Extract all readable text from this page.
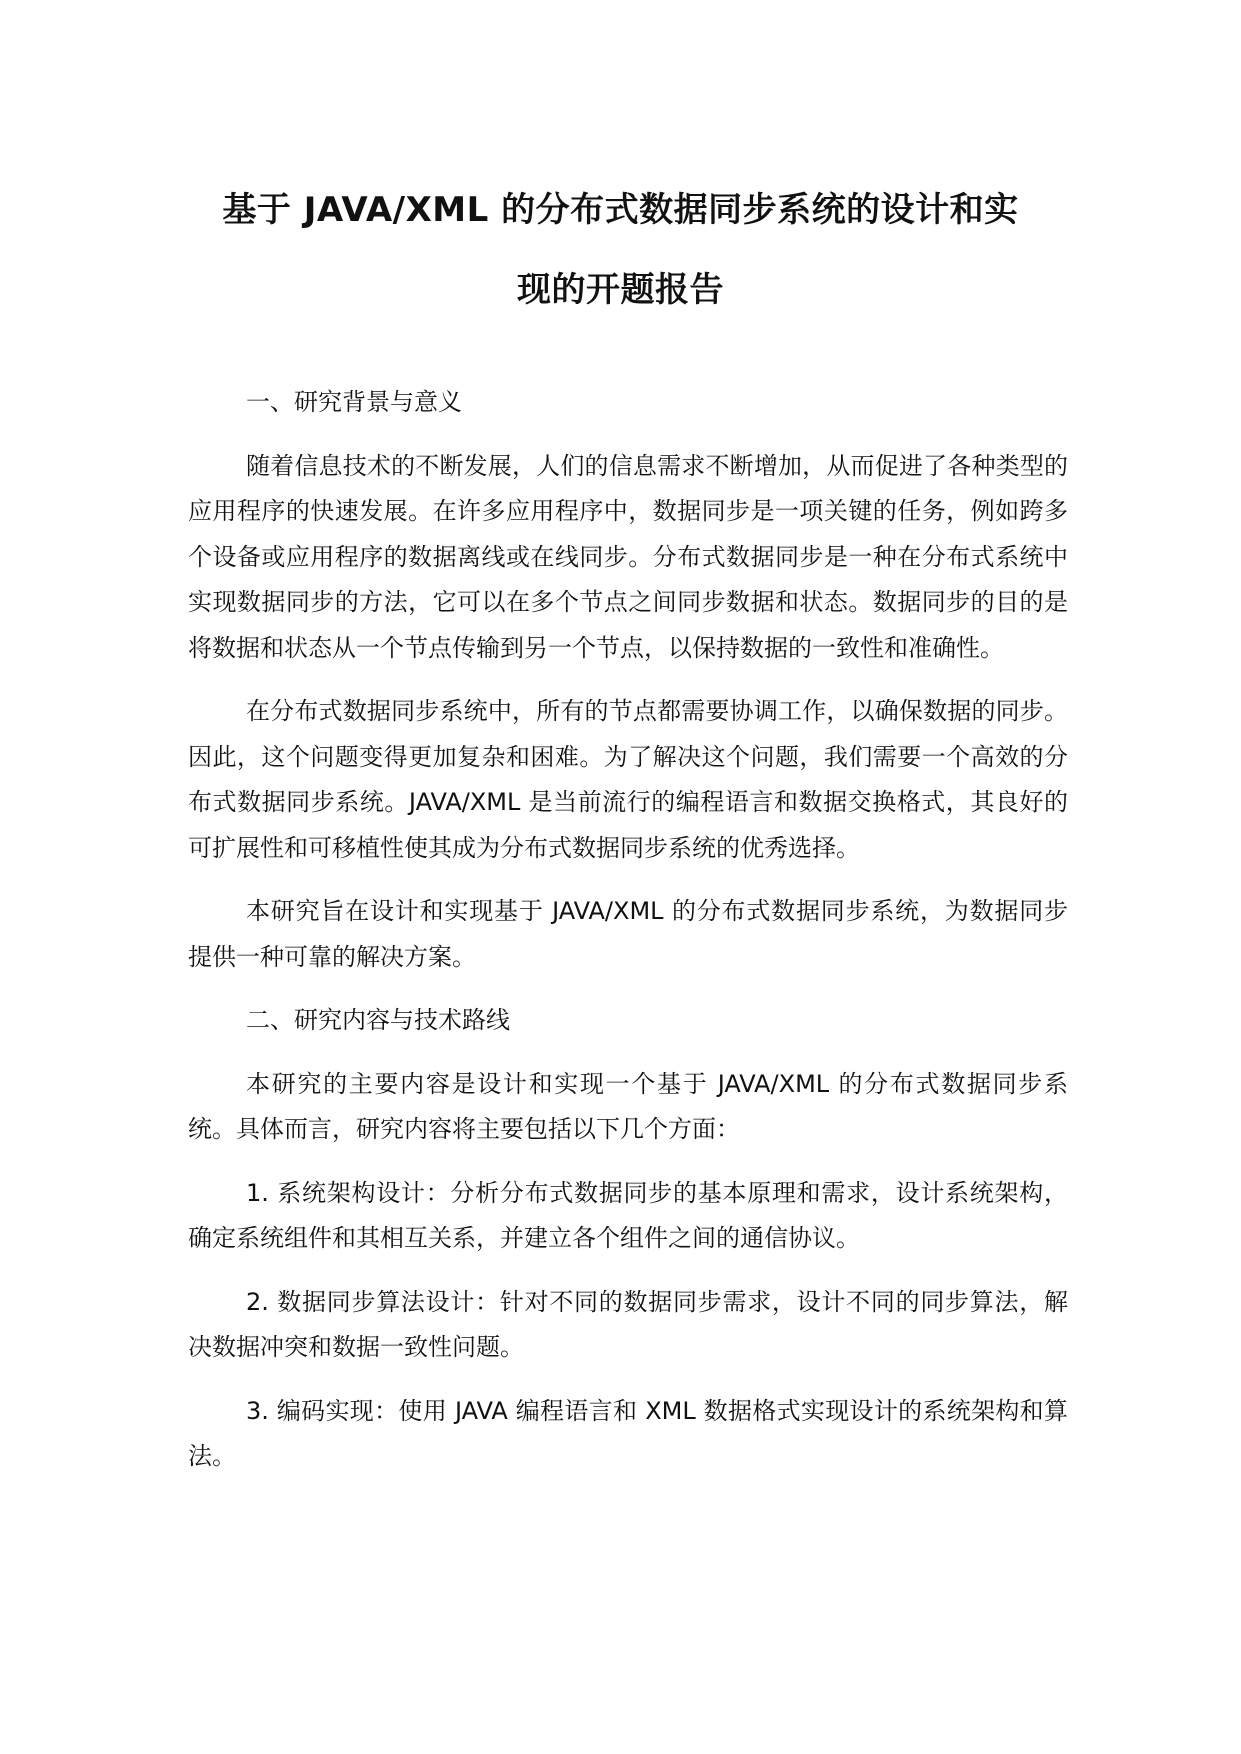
基于 JAVA/XML 的分布式数据同步系统的设计和实
现的开题报告

一、研究背景与意义

随着信息技术的不断发展，人们的信息需求不断增加，从而促进了各种类型的应用程序的快速发展。在许多应用程序中，数据同步是一项关键的任务，例如跨多个设备或应用程序的数据离线或在线同步。分布式数据同步是一种在分布式系统中实现数据同步的方法，它可以在多个节点之间同步数据和状态。数据同步的目的是将数据和状态从一个节点传输到另一个节点，以保持数据的一致性和准确性。

在分布式数据同步系统中，所有的节点都需要协调工作，以确保数据的同步。因此，这个问题变得更加复杂和困难。为了解决这个问题，我们需要一个高效的分布式数据同步系统。JAVA/XML 是当前流行的编程语言和数据交换格式，其良好的可扩展性和可移植性使其成为分布式数据同步系统的优秀选择。

本研究旨在设计和实现基于 JAVA/XML 的分布式数据同步系统，为数据同步提供一种可靠的解决方案。

二、研究内容与技术路线

本研究的主要内容是设计和实现一个基于 JAVA/XML 的分布式数据同步系统。具体而言，研究内容将主要包括以下几个方面：

1. 系统架构设计：分析分布式数据同步的基本原理和需求，设计系统架构，确定系统组件和其相互关系，并建立各个组件之间的通信协议。

2. 数据同步算法设计：针对不同的数据同步需求，设计不同的同步算法，解决数据冲突和数据一致性问题。

3. 编码实现：使用 JAVA 编程语言和 XML 数据格式实现设计的系统架构和算法。
